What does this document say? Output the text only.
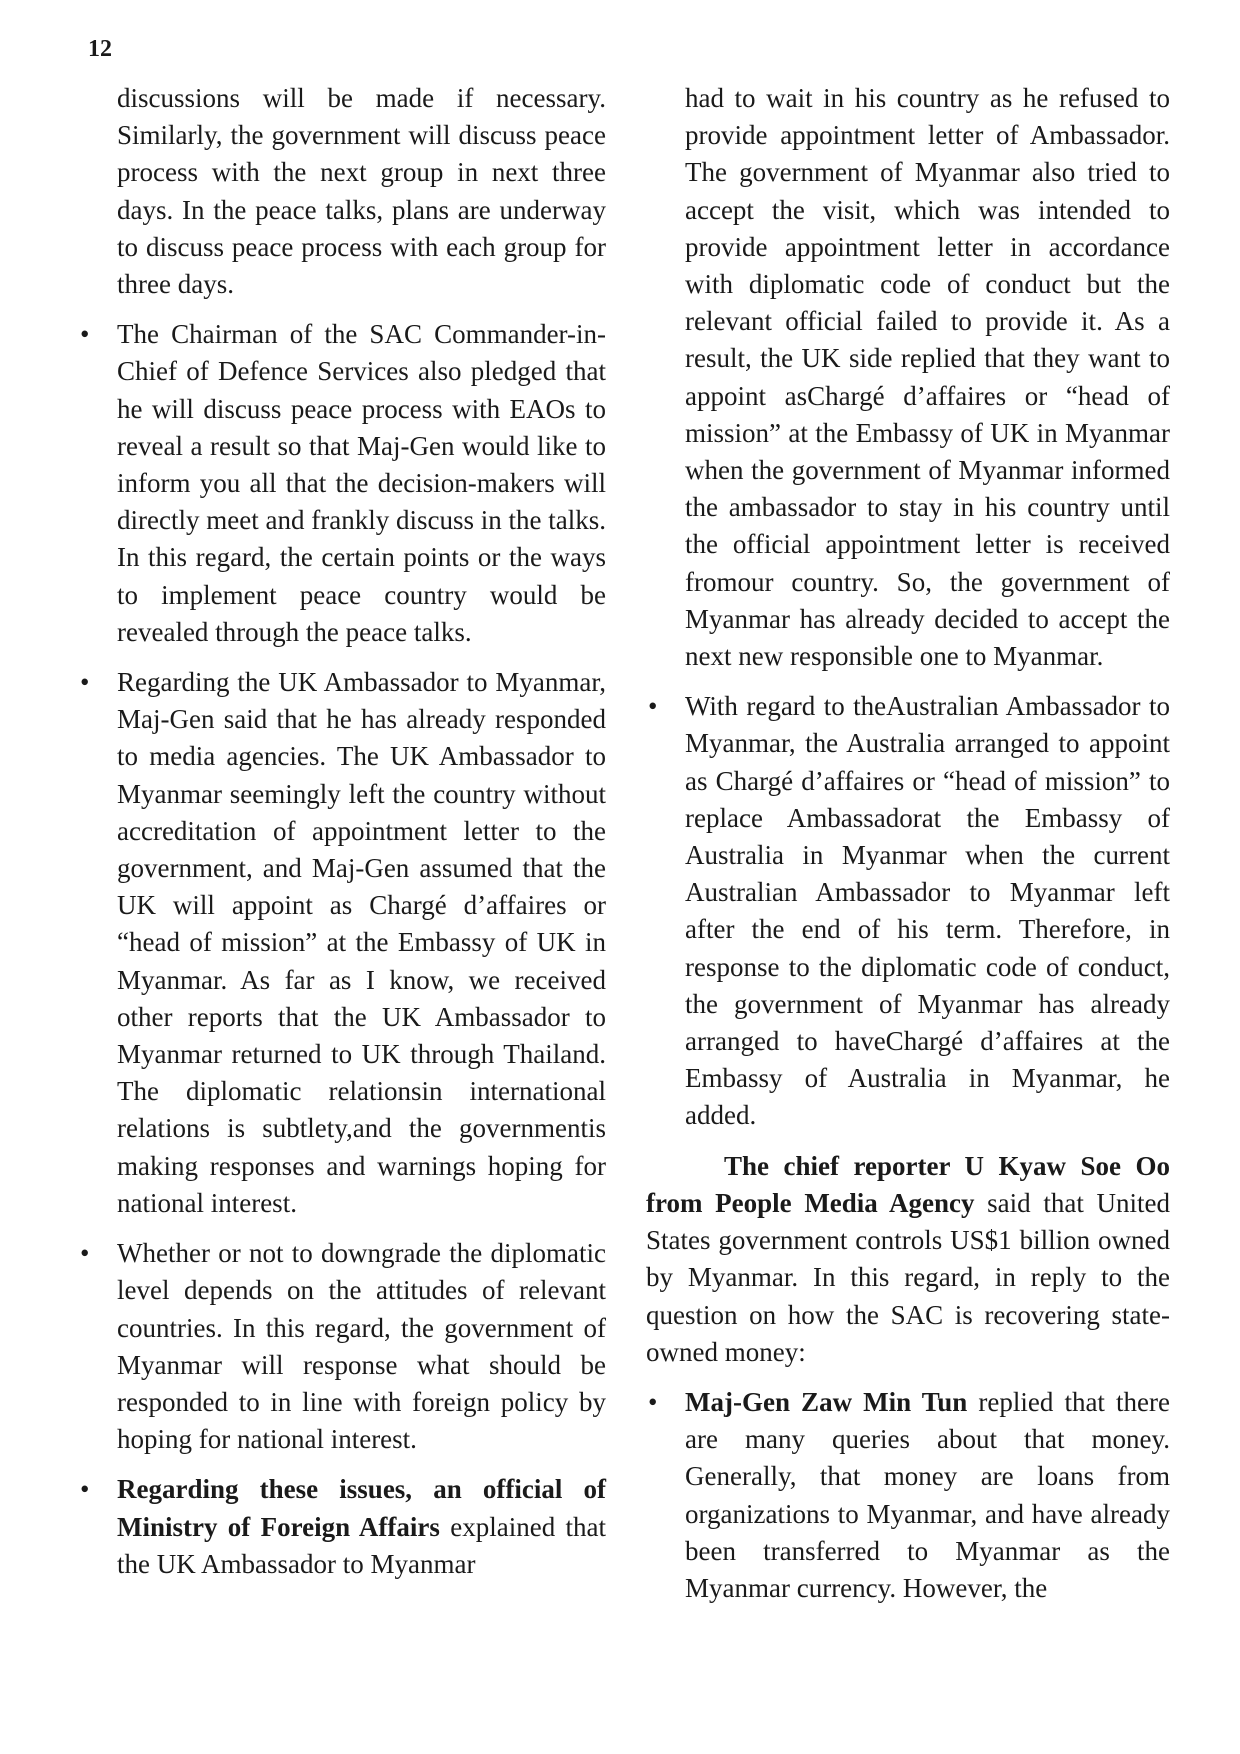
12

discussions will be made if necessary. Similarly, the government will discuss peace process with the next group in next three days. In the peace talks, plans are underway to discuss peace process with each group for three days.

• The Chairman of the SAC Commander-in-Chief of Defence Services also pledged that he will discuss peace process with EAOs to reveal a result so that Maj-Gen would like to inform you all that the decision-makers will directly meet and frankly discuss in the talks. In this regard, the certain points or the ways to implement peace country would be revealed through the peace talks.

• Regarding the UK Ambassador to Myanmar, Maj-Gen said that he has already responded to media agencies. The UK Ambassador to Myanmar seemingly left the country without accreditation of appointment letter to the government, and Maj-Gen assumed that the UK will appoint as Chargé d’affaires or “head of mission” at the Embassy of UK in Myanmar. As far as I know, we received other reports that the UK Ambassador to Myanmar returned to UK through Thailand. The diplomatic relationsin international relations is subtlety,and the governmentis making responses and warnings hoping for national interest.

• Whether or not to downgrade the diplomatic level depends on the attitudes of relevant countries. In this regard, the government of Myanmar will response what should be responded to in line with foreign policy by hoping for national interest.

• Regarding these issues, an official of Ministry of Foreign Affairs explained that the UK Ambassador to Myanmar

had to wait in his country as he refused to provide appointment letter of Ambassador. The government of Myanmar also tried to accept the visit, which was intended to provide appointment letter in accordance with diplomatic code of conduct but the relevant official failed to provide it. As a result, the UK side replied that they want to appoint asChargé d’affaires or “head of mission” at the Embassy of UK in Myanmar when the government of Myanmar informed the ambassador to stay in his country until the official appointment letter is received fromour country. So, the government of Myanmar has already decided to accept the next new responsible one to Myanmar.

• With regard to theAustralian Ambassador to Myanmar, the Australia arranged to appoint as Chargé d’affaires or “head of mission” to replace Ambassadorat the Embassy of Australia in Myanmar when the current Australian Ambassador to Myanmar left after the end of his term. Therefore, in response to the diplomatic code of conduct, the government of Myanmar has already arranged to haveChargé d’affaires at the Embassy of Australia in Myanmar, he added.

The chief reporter U Kyaw Soe Oo from People Media Agency said that United States government controls US$1 billion owned by Myanmar. In this regard, in reply to the question on how the SAC is recovering state-owned money:

• Maj-Gen Zaw Min Tun replied that there are many queries about that money. Generally, that money are loans from organizations to Myanmar, and have already been transferred to Myanmar as the Myanmar currency. However, the
